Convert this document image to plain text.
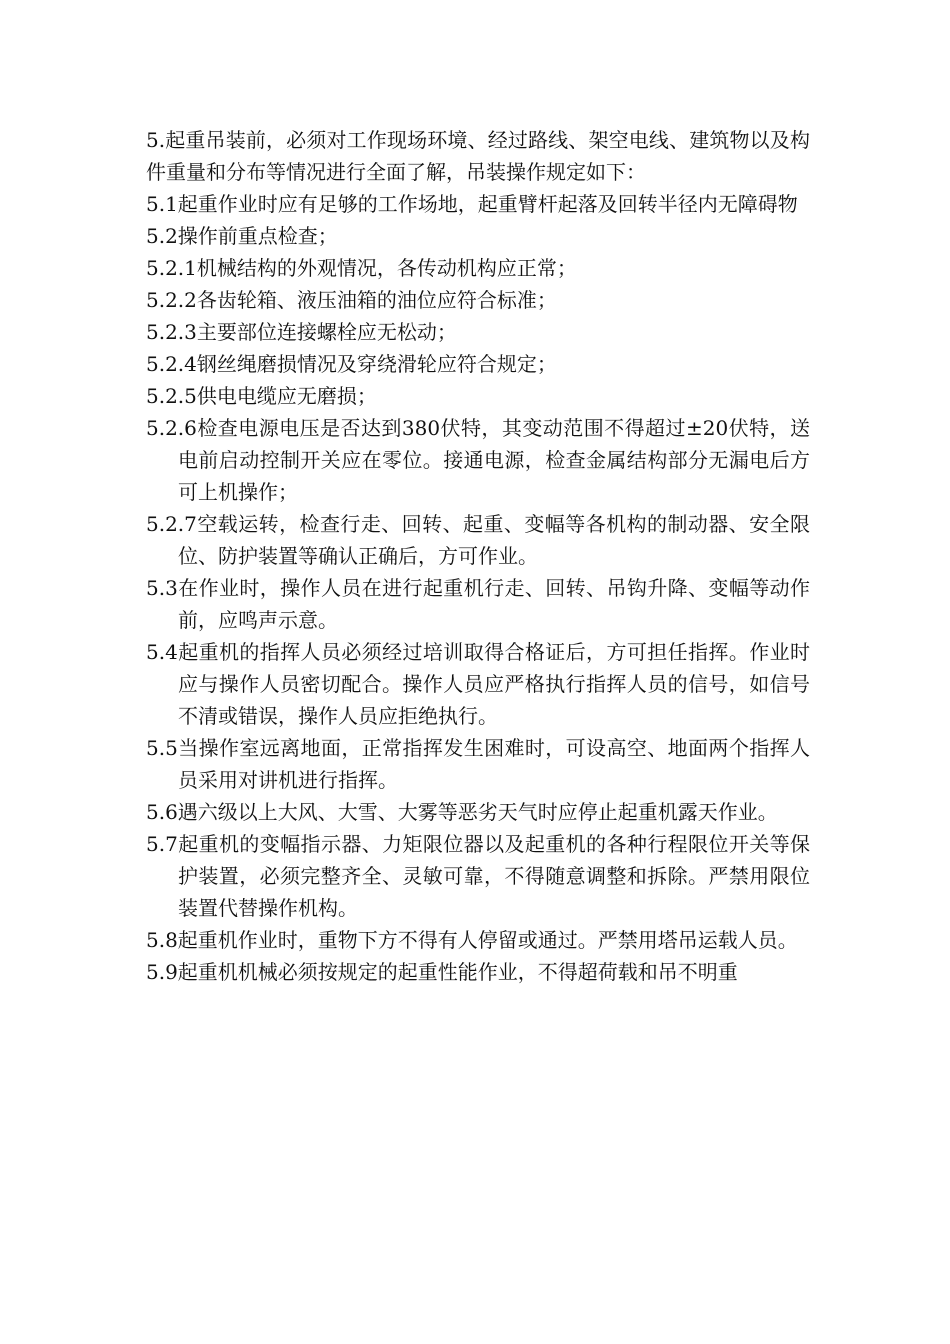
5.起重吊装前，必须对工作现场环境、经过路线、架空电线、建筑物以及构件重量和分布等情况进行全面了解，吊装操作规定如下：

5.1起重作业时应有足够的工作场地，起重臂杆起落及回转半径内无障碍物

5.2操作前重点检查；

5.2.1机械结构的外观情况，各传动机构应正常；

5.2.2各齿轮箱、液压油箱的油位应符合标准；

5.2.3主要部位连接螺栓应无松动；

5.2.4钢丝绳磨损情况及穿绕滑轮应符合规定；

5.2.5供电电缆应无磨损；

5.2.6检查电源电压是否达到380伏特，其变动范围不得超过±20伏特，送电前启动控制开关应在零位。接通电源，检查金属结构部分无漏电后方可上机操作；

5.2.7空载运转，检查行走、回转、起重、变幅等各机构的制动器、安全限位、防护装置等确认正确后，方可作业。

5.3在作业时，操作人员在进行起重机行走、回转、吊钩升降、变幅等动作前，应鸣声示意。

5.4起重机的指挥人员必须经过培训取得合格证后，方可担任指挥。作业时应与操作人员密切配合。操作人员应严格执行指挥人员的信号，如信号不清或错误，操作人员应拒绝执行。

5.5当操作室远离地面，正常指挥发生困难时，可设高空、地面两个指挥人员采用对讲机进行指挥。

5.6遇六级以上大风、大雪、大雾等恶劣天气时应停止起重机露天作业。

5.7起重机的变幅指示器、力矩限位器以及起重机的各种行程限位开关等保护装置，必须完整齐全、灵敏可靠，不得随意调整和拆除。严禁用限位装置代替操作机构。

5.8起重机作业时，重物下方不得有人停留或通过。严禁用塔吊运载人员。

5.9起重机机械必须按规定的起重性能作业，不得超荷载和吊不明重
